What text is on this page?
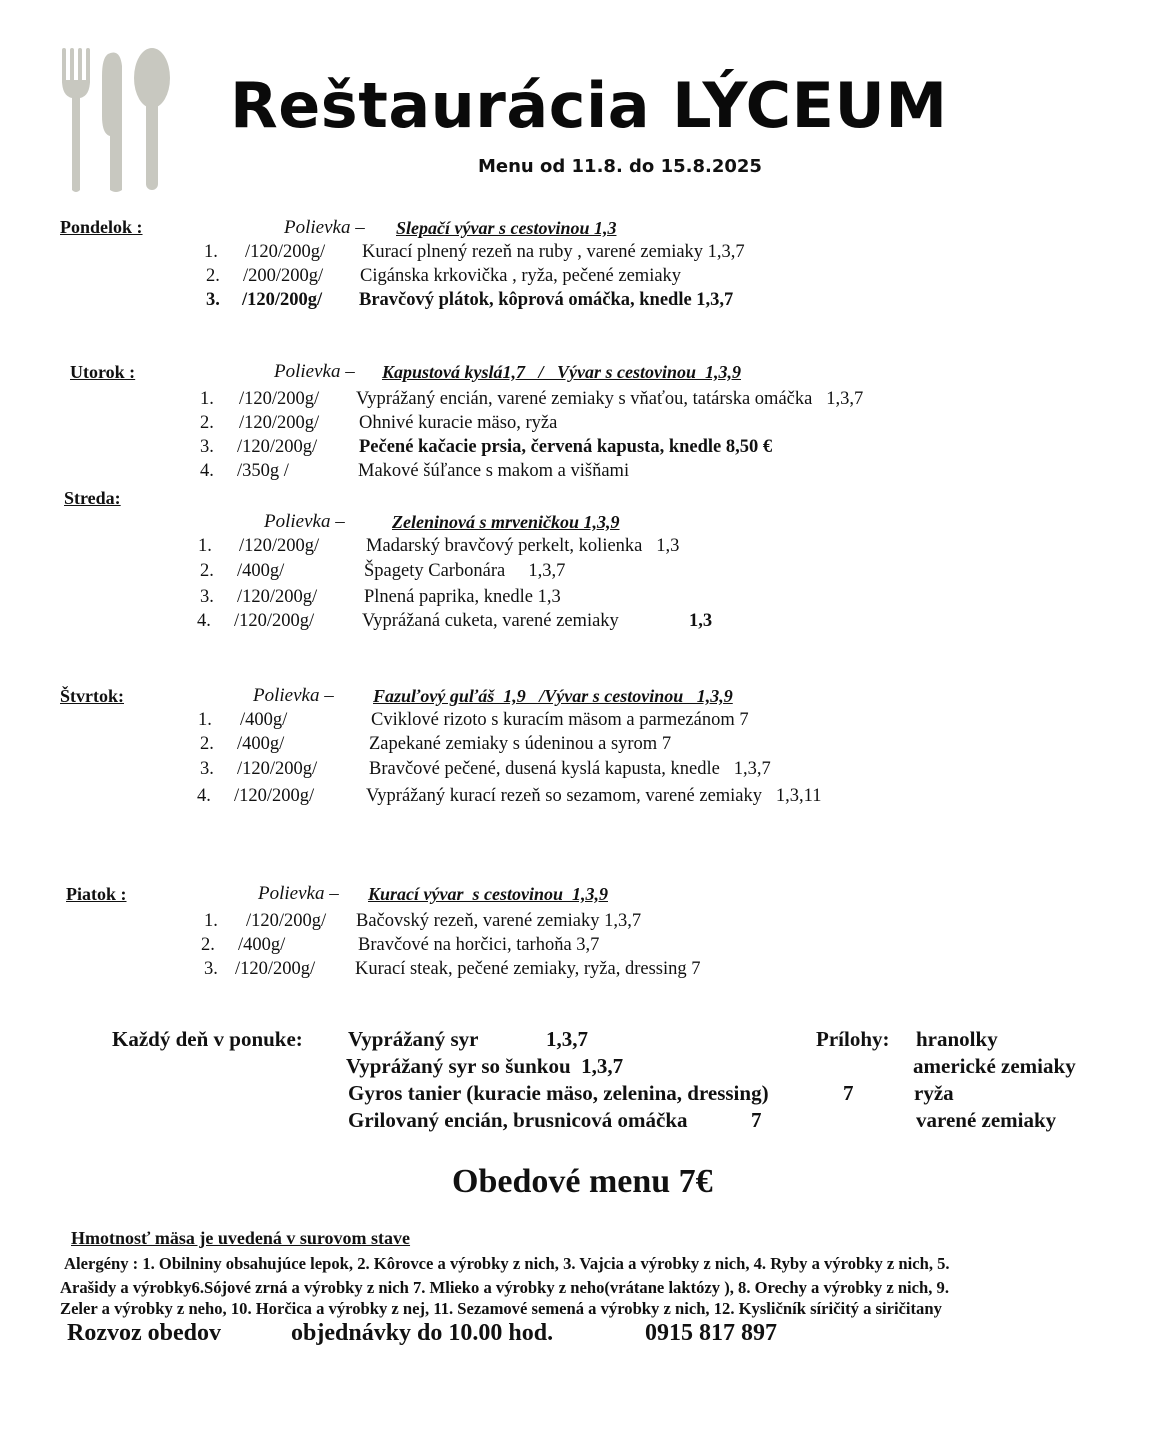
Reštaurácia LÝCEUM
Menu od 11.8. do 15.8.2025
Pondelok :	Polievka – Slepačí vývar s cestovinou 1,3
1. /120/200g/ Kurací plnený rezeň na ruby , varené zemiaky 1,3,7
2. /200/200g/ Cigánska krkovička , ryža, pečené zemiaky
3. /120/200g/ Bravčový plátok, kôprová omáčka, knedle 1,3,7
Utorok :	Polievka – Kapustová kyslá1,7   /   Vývar s cestovinou  1,3,9
1. /120/200g/ Vyprážaný encián, varené zemiaky s vňaťou, tatárska omáčka   1,3,7
2. /120/200g/ Ohnivé kuracie mäso, ryža
3. /120/200g/ Pečené kačacie prsia, červená kapusta, knedle 8,50 €
4. /350g /	Makové šúľance s makom a višňami
Streda:
Polievka –	Zeleninová s mrveničkou 1,3,9
1. /120/200g/	Madarský bravčový perkelt, kolienka   1,3
2. /400g/	Špagety Carbonára     1,3,7
3. /120/200g/	Plnená paprika, knedle 1,3
4. /120/200g/	Vyprážaná cuketa, varené zemiaky	1,3
Štvrtok:	Polievka – Fazuľový guľáš  1,9   /Vývar s cestovinou   1,3,9
1. /400g/	Cviklové rizoto s kuracím mäsom a parmezánom 7
2. /400g/	Zapekané zemiaky s údeninou a syrom 7
3. /120/200g/	Bravčové pečené, dusená kyslá kapusta, knedle   1,3,7
4. /120/200g/	Vyprážaný kurací rezeň so sezamom, varené zemiaky   1,3,11
Piatok :	Polievka – Kurací vývar  s cestovinou  1,3,9
1. /120/200g/ Bačovský rezeň, varené zemiaky 1,3,7
2. /400g/	Bravčové na horčici, tarhoňa 3,7
3. /120/200g/ Kurací steak, pečené zemiaky, ryža, dressing 7
Každý deň v ponuke: Vyprážaný syr	1,3,7
Vyprážaný syr so šunkou  1,3,7
Gyros tanier (kuracie mäso, zelenina, dressing)	7
Grilovaný encián, brusnicová omáčka	7
Prílohy: hranolky
americké zemiaky
ryža
varené zemiaky
Obedové menu 7€
Hmotnosť mäsa je uvedená v surovom stave
Alergény : 1. Obilniny obsahujúce lepok, 2. Kôrovce a výrobky z nich, 3. Vajcia a výrobky z nich, 4. Ryby a výrobky z nich, 5.
Arašidy a výrobky6.Sójové zrná a výrobky z nich 7. Mlieko a výrobky z neho(vrátane laktózy ), 8. Orechy a výrobky z nich, 9.
Zeler a výrobky z neho, 10. Horčica a výrobky z nej, 11. Sezamové semená a výrobky z nich, 12. Kysličník síričitý a siričitany
Rozvoz obedov	objednávky do 10.00 hod.	0915 817 897
